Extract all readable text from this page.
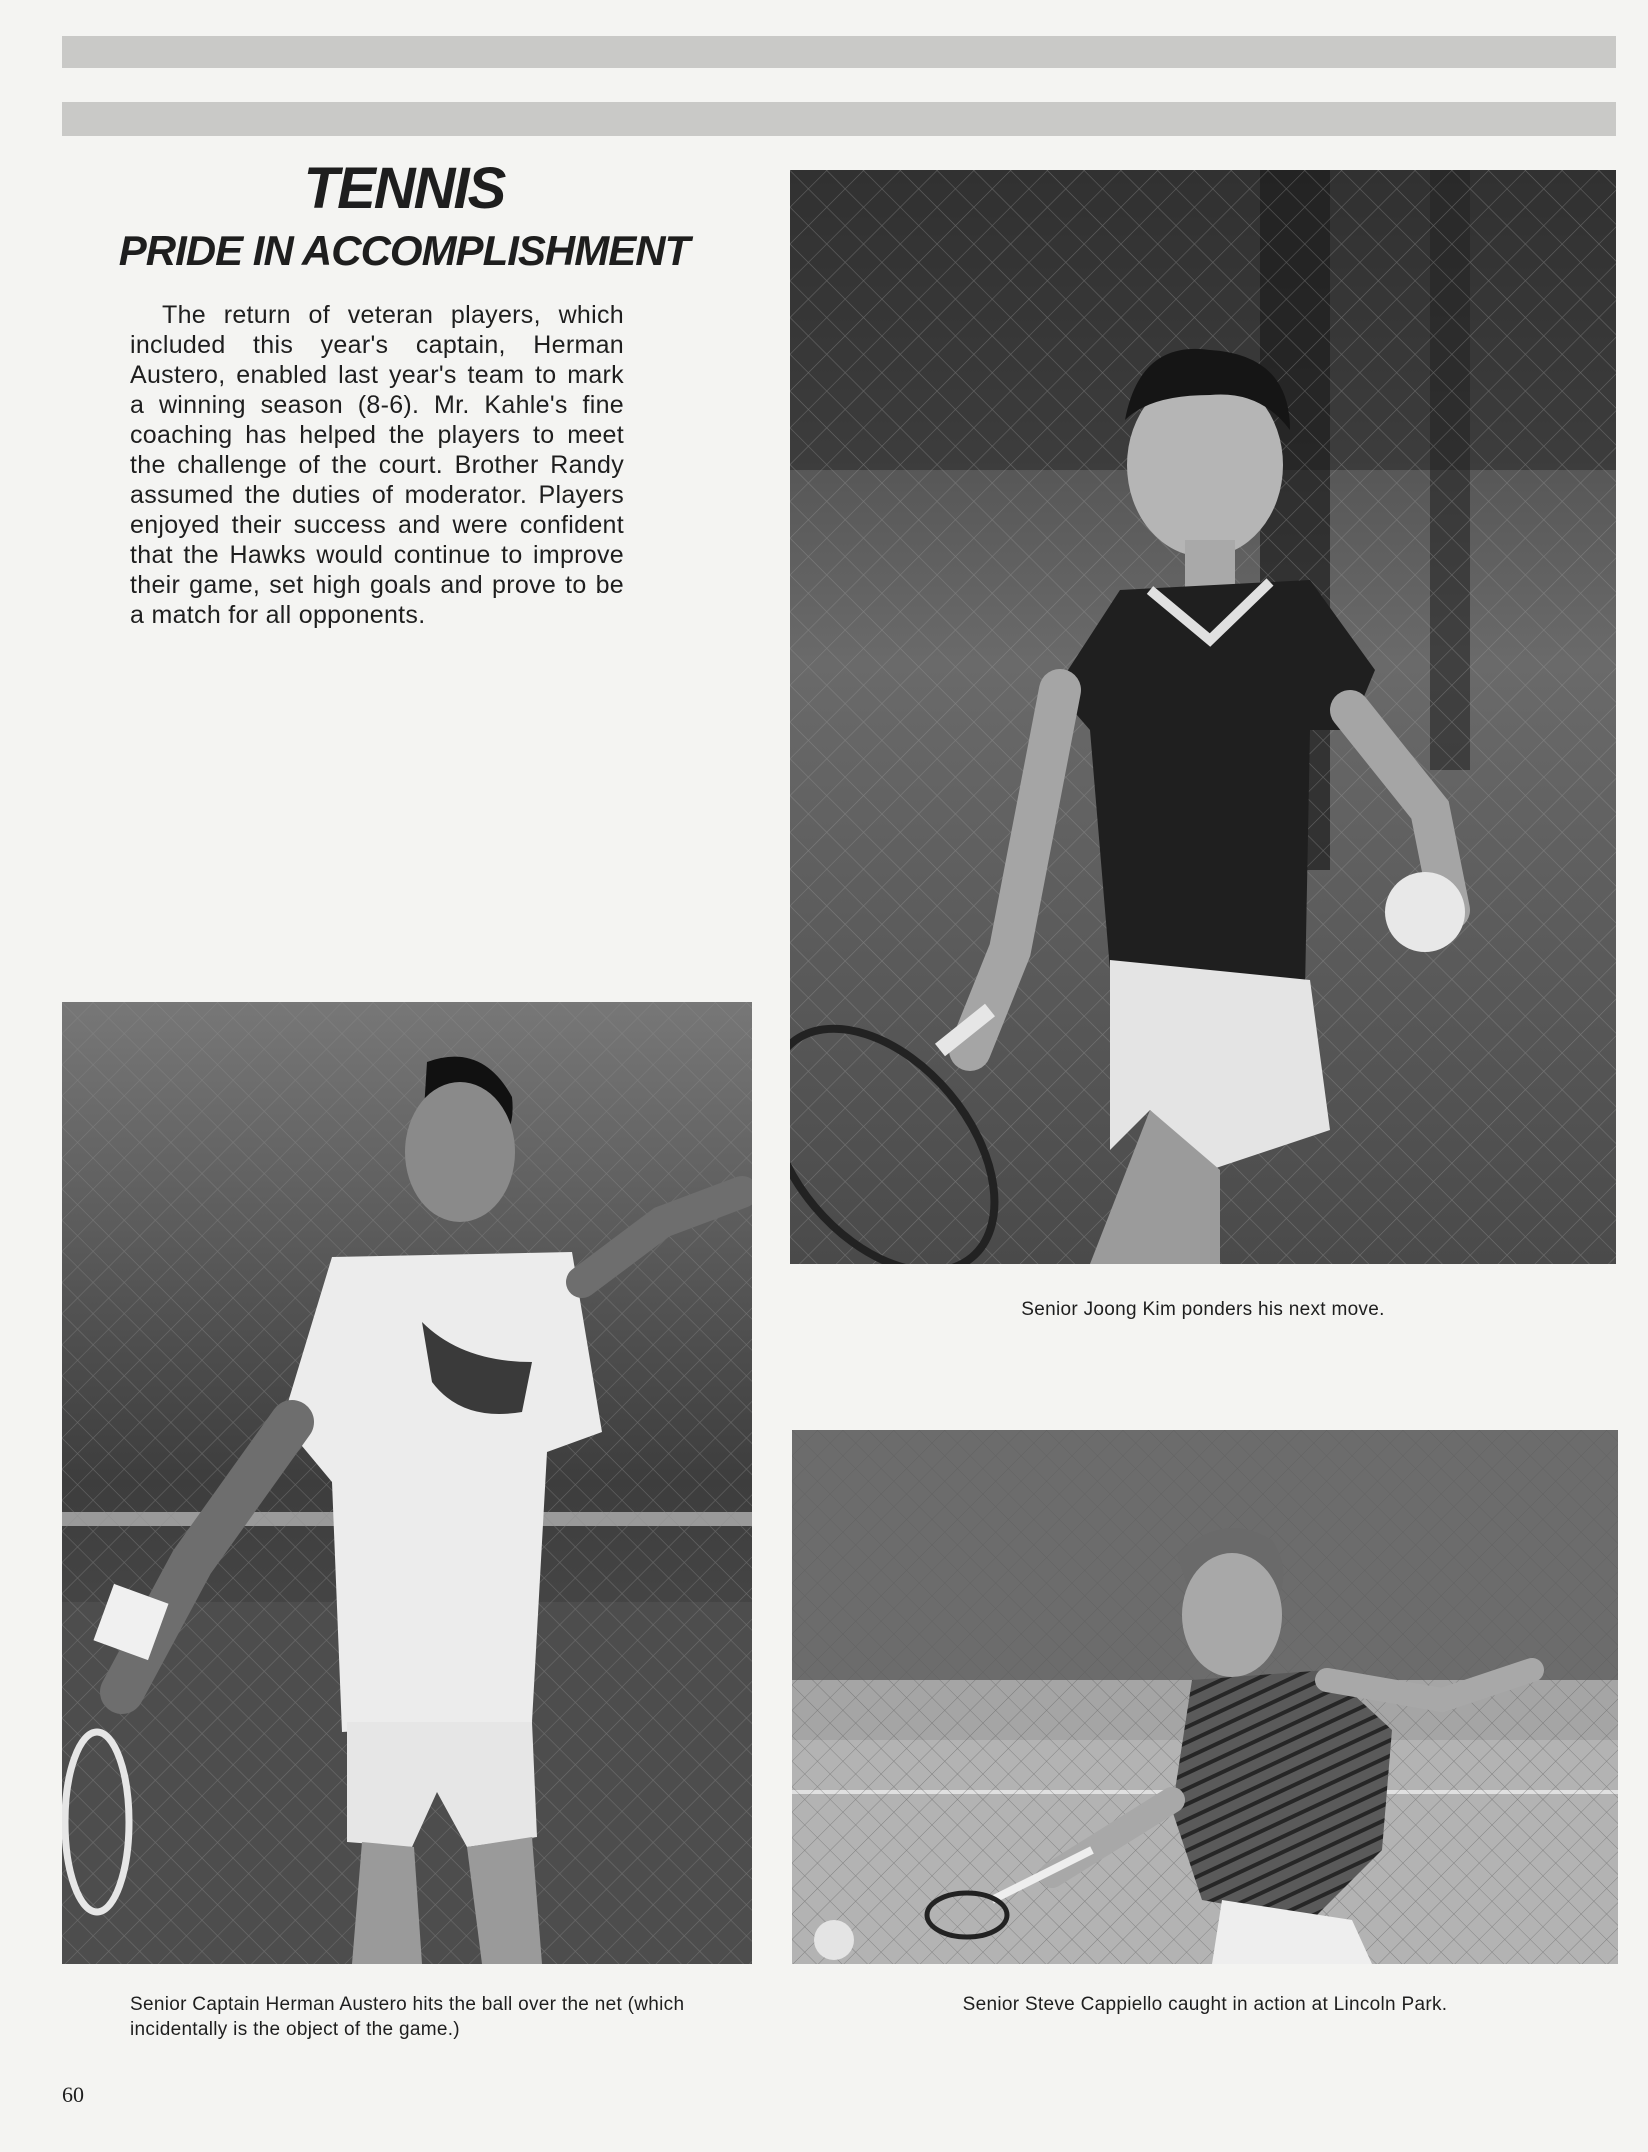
TENNIS
PRIDE IN ACCOMPLISHMENT

The return of veteran players, which included this year's captain, Herman Austero, enabled last year's team to mark a winning season (8-6). Mr. Kahle's fine coaching has helped the players to meet the challenge of the court. Brother Randy assumed the duties of moderator. Players enjoyed their success and were confident that the Hawks would continue to improve their game, set high goals and prove to be a match for all opponents.

Senior Joong Kim ponders his next move.

Senior Captain Herman Austero hits the ball over the net (which incidentally is the object of the game.)

Senior Steve Cappiello caught in action at Lincoln Park.

60
